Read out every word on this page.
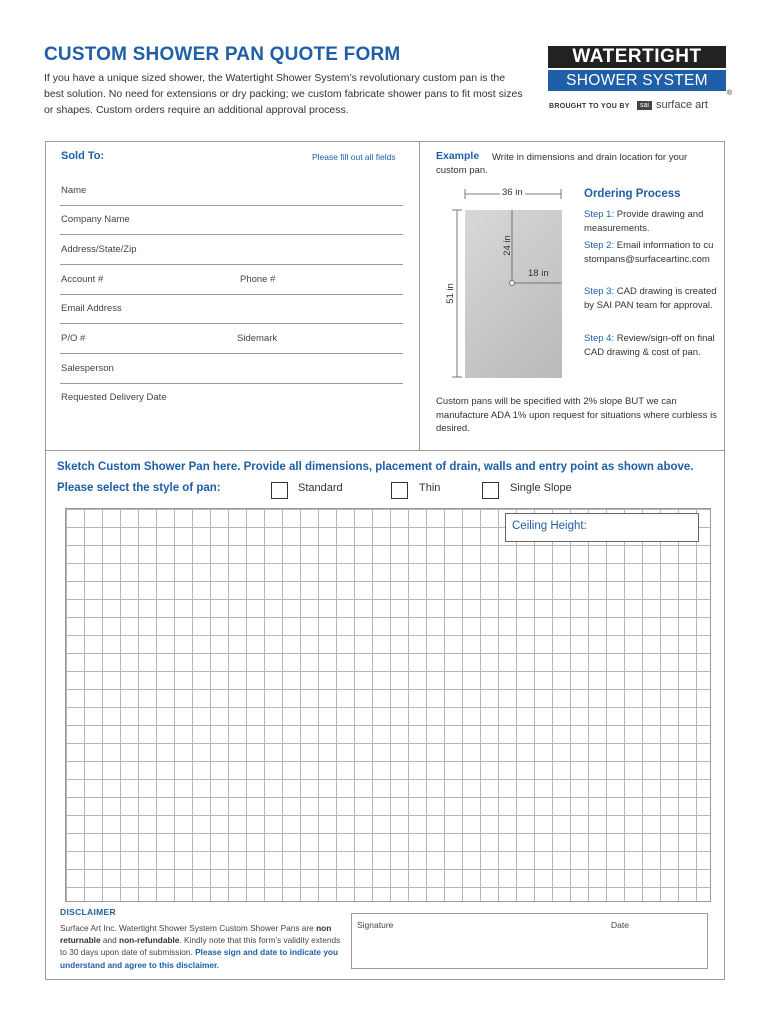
CUSTOM SHOWER PAN QUOTE FORM
If you have a unique sized shower, the Watertight Shower System’s revolutionary custom pan is the best solution. No need for extensions or dry packing; we custom fabricate shower pans to fit most sizes or shapes. Custom orders require an additional approval process.
WATERTIGHT
SHOWER SYSTEM
®
BROUGHT TO YOU BY	sai surface art
Sold To:	Please fill out all fields
Name
Company Name
Address/State/Zip
Account #	Phone #
Email Address
P/O #	Sidemark
Salesperson
Requested Delivery Date
Write in dimensions and drain location for your custom pan.
Example
36 in
51 in
24 in
18 in
Ordering Process
Step 1: Provide drawing and measurements.
Step 2: Email information to custompans@surfaceartinc.com
Step 3: CAD drawing is created by SAI PAN team for approval.
Step 4: Review/sign-off on final CAD drawing & cost of pan.
Custom pans will be specified with 2% slope BUT we can manufacture ADA 1% upon request for situations where curbless is desired.
Sketch Custom Shower Pan here. Provide all dimensions, placement of drain, walls and entry point as shown above.
Please select the style of pan:	Standard	Thin	Single Slope
Ceiling Height:
DISCLAIMER
Surface Art Inc. Watertight Shower System Custom Shower Pans are non returnable and non-refundable. Kindly note that this form’s validity extends to 30 days upon date of submission. Please sign and date to indicate you understand and agree to this disclaimer.
Signature	Date
